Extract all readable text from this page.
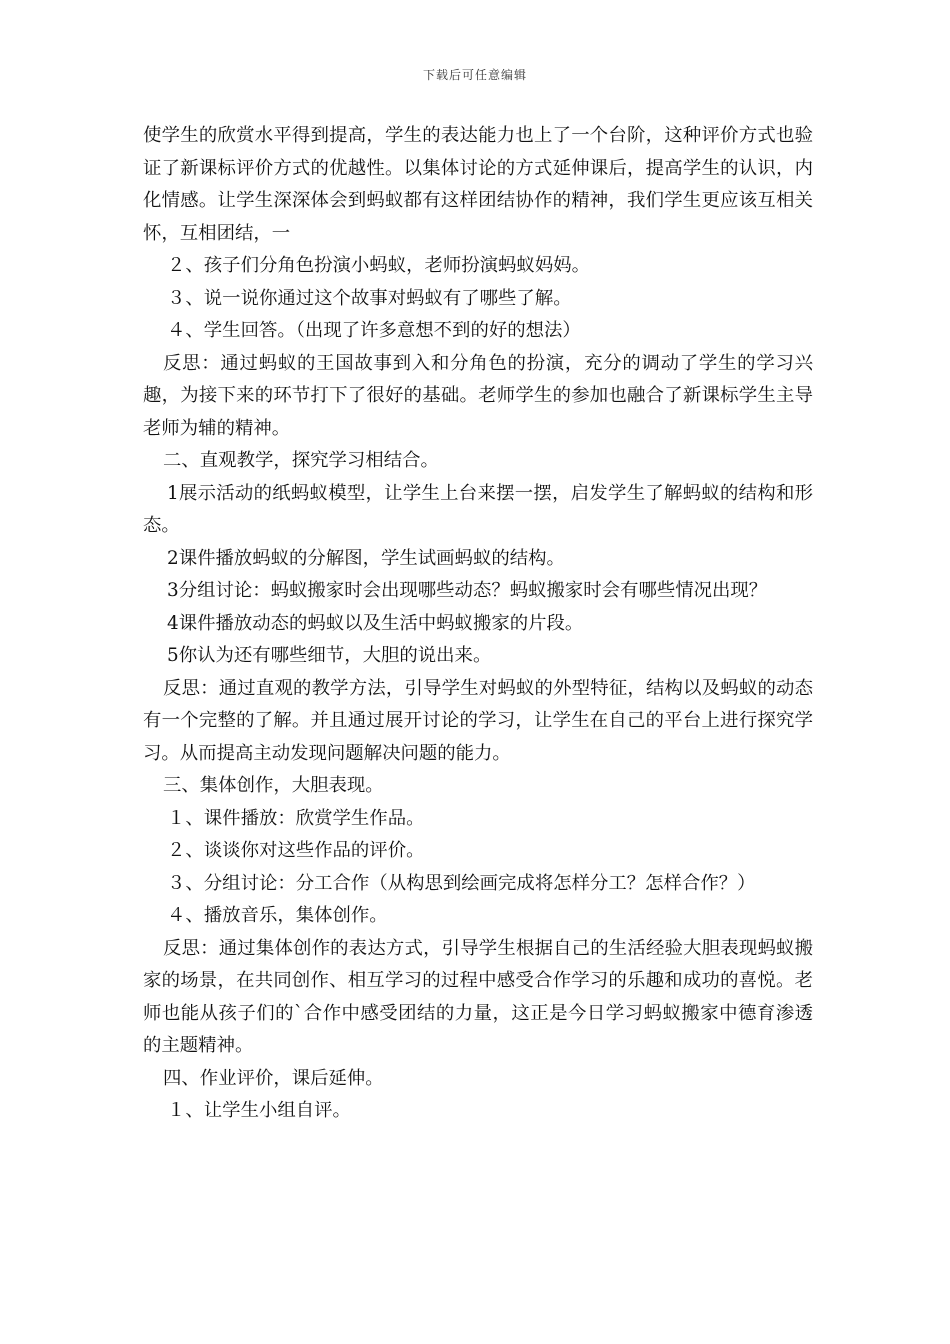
下载后可任意编辑

使学生的欣赏水平得到提高，学生的表达能力也上了一个台阶，这种评价方式也验证了新课标评价方式的优越性。以集体讨论的方式延伸课后，提高学生的认识，内化情感。让学生深深体会到蚂蚁都有这样团结协作的精神，我们学生更应该互相关怀，互相团结，一

２、孩子们分角色扮演小蚂蚁，老师扮演蚂蚁妈妈。

３、说一说你通过这个故事对蚂蚁有了哪些了解。

４、学生回答。（出现了许多意想不到的好的想法）

反思：通过蚂蚁的王国故事到入和分角色的扮演，充分的调动了学生的学习兴趣，为接下来的环节打下了很好的基础。老师学生的参加也融合了新课标学生主导老师为辅的精神。

二、直观教学，探究学习相结合。

1展示活动的纸蚂蚁模型，让学生上台来摆一摆，启发学生了解蚂蚁的结构和形态。

2课件播放蚂蚁的分解图，学生试画蚂蚁的结构。

3分组讨论：蚂蚁搬家时会出现哪些动态？蚂蚁搬家时会有哪些情况出现？

4课件播放动态的蚂蚁以及生活中蚂蚁搬家的片段。

5你认为还有哪些细节，大胆的说出来。

反思：通过直观的教学方法，引导学生对蚂蚁的外型特征，结构以及蚂蚁的动态有一个完整的了解。并且通过展开讨论的学习，让学生在自己的平台上进行探究学习。从而提高主动发现问题解决问题的能力。

三、集体创作，大胆表现。

１、课件播放：欣赏学生作品。

２、谈谈你对这些作品的评价。

３、分组讨论：分工合作（从构思到绘画完成将怎样分工？怎样合作？）

４、播放音乐，集体创作。

反思：通过集体创作的表达方式，引导学生根据自己的生活经验大胆表现蚂蚁搬家的场景，在共同创作、相互学习的过程中感受合作学习的乐趣和成功的喜悦。老师也能从孩子们的`合作中感受团结的力量，这正是今日学习蚂蚁搬家中德育渗透的主题精神。

四、作业评价，课后延伸。

１、让学生小组自评。
